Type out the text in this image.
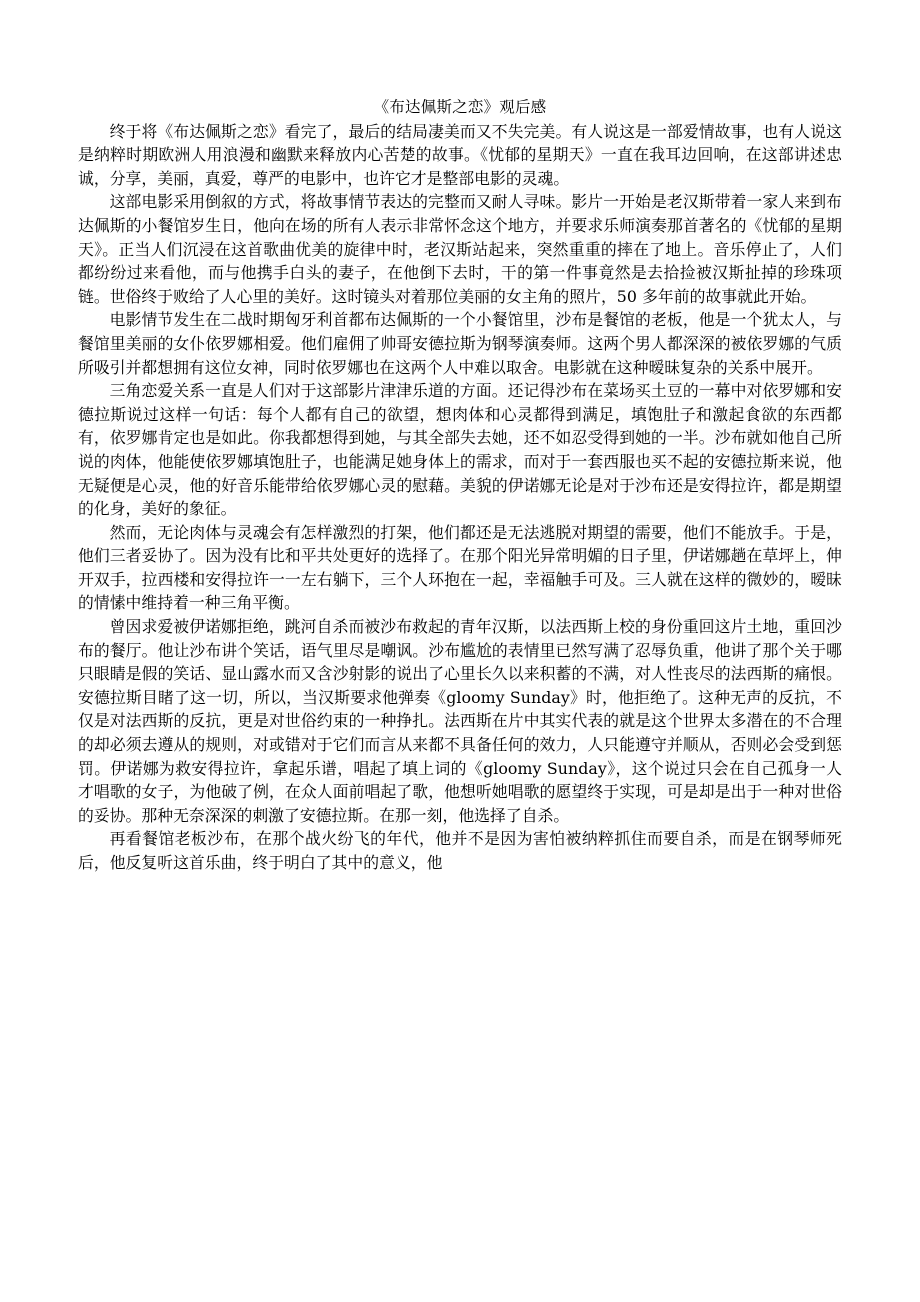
《布达佩斯之恋》观后感

终于将《布达佩斯之恋》看完了，最后的结局凄美而又不失完美。有人说这是一部爱情故事，也有人说这是纳粹时期欧洲人用浪漫和幽默来释放内心苦楚的故事。《忧郁的星期天》一直在我耳边回响，在这部讲述忠诚，分享，美丽，真爱，尊严的电影中，也许它才是整部电影的灵魂。

这部电影采用倒叙的方式，将故事情节表达的完整而又耐人寻味。影片一开始是老汉斯带着一家人来到布达佩斯的小餐馆岁生日，他向在场的所有人表示非常怀念这个地方，并要求乐师演奏那首著名的《忧郁的星期天》。正当人们沉浸在这首歌曲优美的旋律中时，老汉斯站起来，突然重重的摔在了地上。音乐停止了，人们都纷纷过来看他，而与他携手白头的妻子，在他倒下去时，干的第一件事竟然是去拾捡被汉斯扯掉的珍珠项链。世俗终于败给了人心里的美好。这时镜头对着那位美丽的女主角的照片，50 多年前的故事就此开始。

电影情节发生在二战时期匈牙利首都布达佩斯的一个小餐馆里，沙布是餐馆的老板，他是一个犹太人，与餐馆里美丽的女仆依罗娜相爱。他们雇佣了帅哥安德拉斯为钢琴演奏师。这两个男人都深深的被依罗娜的气质所吸引并都想拥有这位女神，同时依罗娜也在这两个人中难以取舍。电影就在这种暧昧复杂的关系中展开。

三角恋爱关系一直是人们对于这部影片津津乐道的方面。还记得沙布在菜场买土豆的一幕中对依罗娜和安德拉斯说过这样一句话：每个人都有自己的欲望，想肉体和心灵都得到满足，填饱肚子和激起食欲的东西都有，依罗娜肯定也是如此。你我都想得到她，与其全部失去她，还不如忍受得到她的一半。沙布就如他自己所说的肉体，他能使依罗娜填饱肚子，也能满足她身体上的需求，而对于一套西服也买不起的安德拉斯来说，他无疑便是心灵，他的好音乐能带给依罗娜心灵的慰藉。美貌的伊诺娜无论是对于沙布还是安得拉许，都是期望的化身，美好的象征。

然而，无论肉体与灵魂会有怎样激烈的打架，他们都还是无法逃脱对期望的需要，他们不能放手。于是，他们三者妥协了。因为没有比和平共处更好的选择了。在那个阳光异常明媚的日子里，伊诺娜趟在草坪上，伸开双手，拉西楼和安得拉许一一左右躺下，三个人环抱在一起，幸福触手可及。三人就在这样的微妙的，暧昧的情愫中维持着一种三角平衡。

曾因求爱被伊诺娜拒绝，跳河自杀而被沙布救起的青年汉斯，以法西斯上校的身份重回这片土地，重回沙布的餐厅。他让沙布讲个笑话，语气里尽是嘲讽。沙布尴尬的表情里已然写满了忍辱负重，他讲了那个关于哪只眼睛是假的笑话、显山露水而又含沙射影的说出了心里长久以来积蓄的不满，对人性丧尽的法西斯的痛恨。安德拉斯目睹了这一切，所以，当汉斯要求他弹奏《gloomy Sunday》时，他拒绝了。这种无声的反抗，不仅是对法西斯的反抗，更是对世俗约束的一种挣扎。法西斯在片中其实代表的就是这个世界太多潜在的不合理的却必须去遵从的规则，对或错对于它们而言从来都不具备任何的效力，人只能遵守并顺从，否则必会受到惩罚。伊诺娜为救安得拉许，拿起乐谱，唱起了填上词的《gloomy Sunday》，这个说过只会在自己孤身一人才唱歌的女子，为他破了例，在众人面前唱起了歌，他想听她唱歌的愿望终于实现，可是却是出于一种对世俗的妥协。那种无奈深深的刺激了安德拉斯。在那一刻，他选择了自杀。

再看餐馆老板沙布，在那个战火纷飞的年代，他并不是因为害怕被纳粹抓住而要自杀，而是在钢琴师死后，他反复听这首乐曲，终于明白了其中的意义，他
